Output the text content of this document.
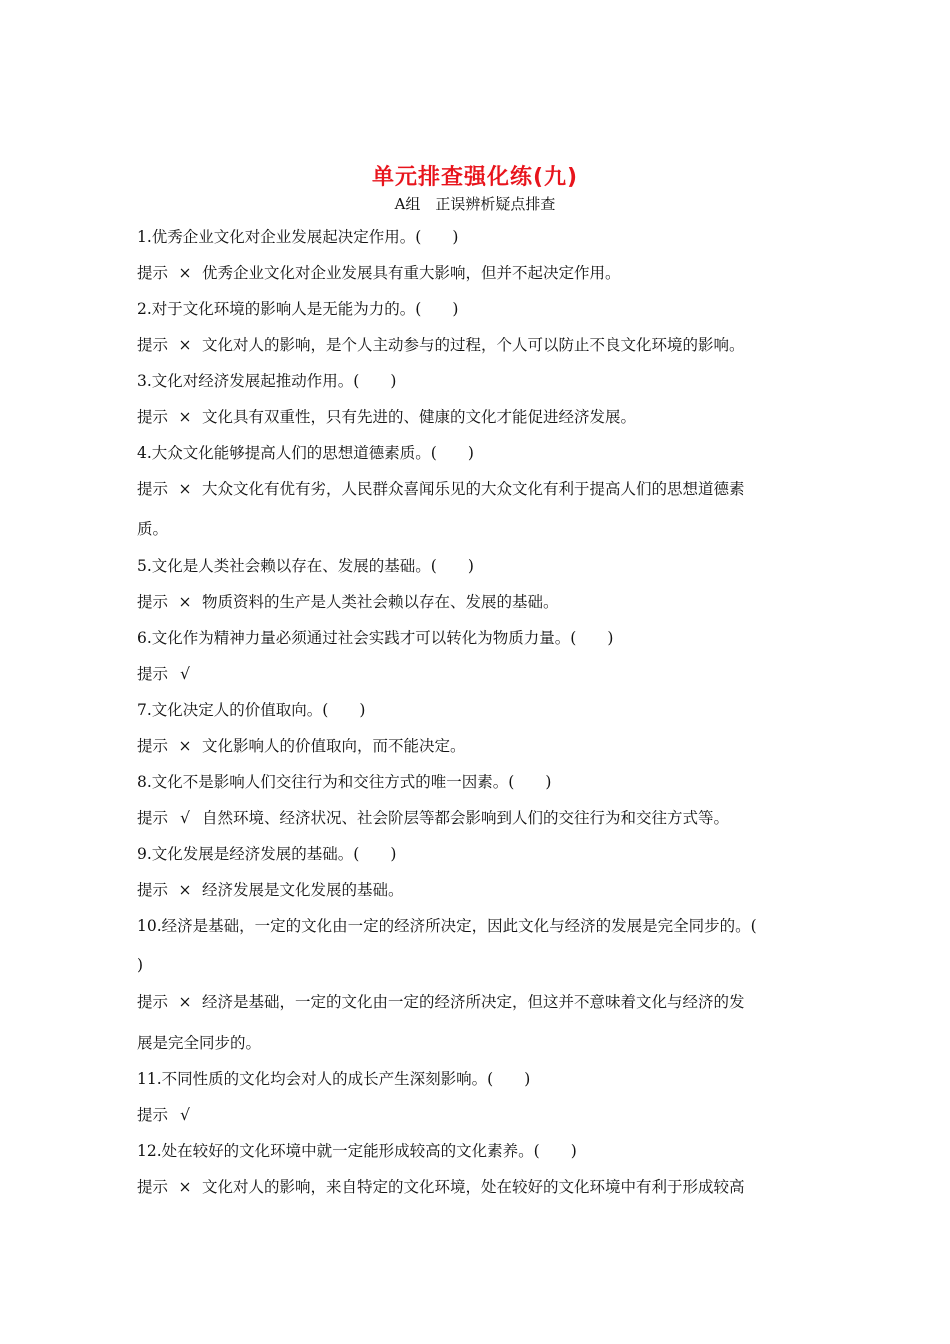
单元排查强化练(九)
A组　正误辨析疑点排查
1.优秀企业文化对企业发展起决定作用。(　　)
提示 × 优秀企业文化对企业发展具有重大影响，但并不起决定作用。
2.对于文化环境的影响人是无能为力的。(　　)
提示 × 文化对人的影响，是个人主动参与的过程，个人可以防止不良文化环境的影响。
3.文化对经济发展起推动作用。(　　)
提示 × 文化具有双重性，只有先进的、健康的文化才能促进经济发展。
4.大众文化能够提高人们的思想道德素质。(　　)
提示 × 大众文化有优有劣，人民群众喜闻乐见的大众文化有利于提高人们的思想道德素
质。
5.文化是人类社会赖以存在、发展的基础。(　　)
提示 × 物质资料的生产是人类社会赖以存在、发展的基础。
6.文化作为精神力量必须通过社会实践才可以转化为物质力量。(　　)
提示 √
7.文化决定人的价值取向。(　　)
提示 × 文化影响人的价值取向，而不能决定。
8.文化不是影响人们交往行为和交往方式的唯一因素。(　　)
提示 √ 自然环境、经济状况、社会阶层等都会影响到人们的交往行为和交往方式等。
9.文化发展是经济发展的基础。(　　)
提示 × 经济发展是文化发展的基础。
10.经济是基础，一定的文化由一定的经济所决定，因此文化与经济的发展是完全同步的。(
)
提示 × 经济是基础，一定的文化由一定的经济所决定，但这并不意味着文化与经济的发
展是完全同步的。
11.不同性质的文化均会对人的成长产生深刻影响。(　　)
提示 √
12.处在较好的文化环境中就一定能形成较高的文化素养。(　　)
提示 × 文化对人的影响，来自特定的文化环境，处在较好的文化环境中有利于形成较高
